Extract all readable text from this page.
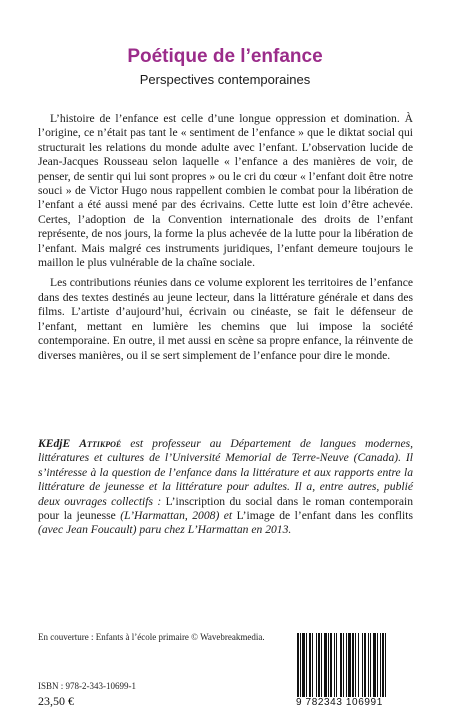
Poétique de l’enfance
Perspectives contemporaines

L’histoire de l’enfance est celle d’une longue oppression et domination. À l’origine, ce n’était pas tant le « sentiment de l’enfance » que le diktat social qui structurait les relations du monde adulte avec l’enfant. L’observation lucide de Jean-Jacques Rousseau selon laquelle « l’enfance a des manières de voir, de penser, de sentir qui lui sont propres » ou le cri du cœur « l’enfant doit être notre souci » de Victor Hugo nous rappellent combien le combat pour la libération de l’enfant a été aussi mené par des écrivains. Cette lutte est loin d’être achevée. Certes, l’adoption de la Convention internationale des droits de l’enfant représente, de nos jours, la forme la plus achevée de la lutte pour la libération de l’enfant. Mais malgré ces instruments juridiques, l’enfant demeure toujours le maillon le plus vulnérable de la chaîne sociale.

Les contributions réunies dans ce volume explorent les territoires de l’enfance dans des textes destinés au jeune lecteur, dans la littérature générale et dans des films. L’artiste d’aujourd’hui, écrivain ou cinéaste, se fait le défenseur de l’enfant, mettant en lumière les chemins que lui impose la société contemporaine. En outre, il met aussi en scène sa propre enfance, la réinvente de diverses manières, ou il se sert simplement de l’enfance pour dire le monde.

KEdjE Attikpoé est professeur au Département de langues modernes, littératures et cultures de l’Université Memorial de Terre-Neuve (Canada). Il s’intéresse à la question de l’enfance dans la littérature et aux rapports entre la littérature de jeunesse et la littérature pour adultes. Il a, entre autres, publié deux ouvrages collectifs : L’inscription du social dans le roman contemporain pour la jeunesse (L’Harmattan, 2008) et L’image de l’enfant dans les conflits (avec Jean Foucault) paru chez L’Harmattan en 2013.

En couverture : Enfants à l’école primaire © Wavebreakmedia.
ISBN : 978-2-343-10699-1
23,50 €	9 782343 106991
